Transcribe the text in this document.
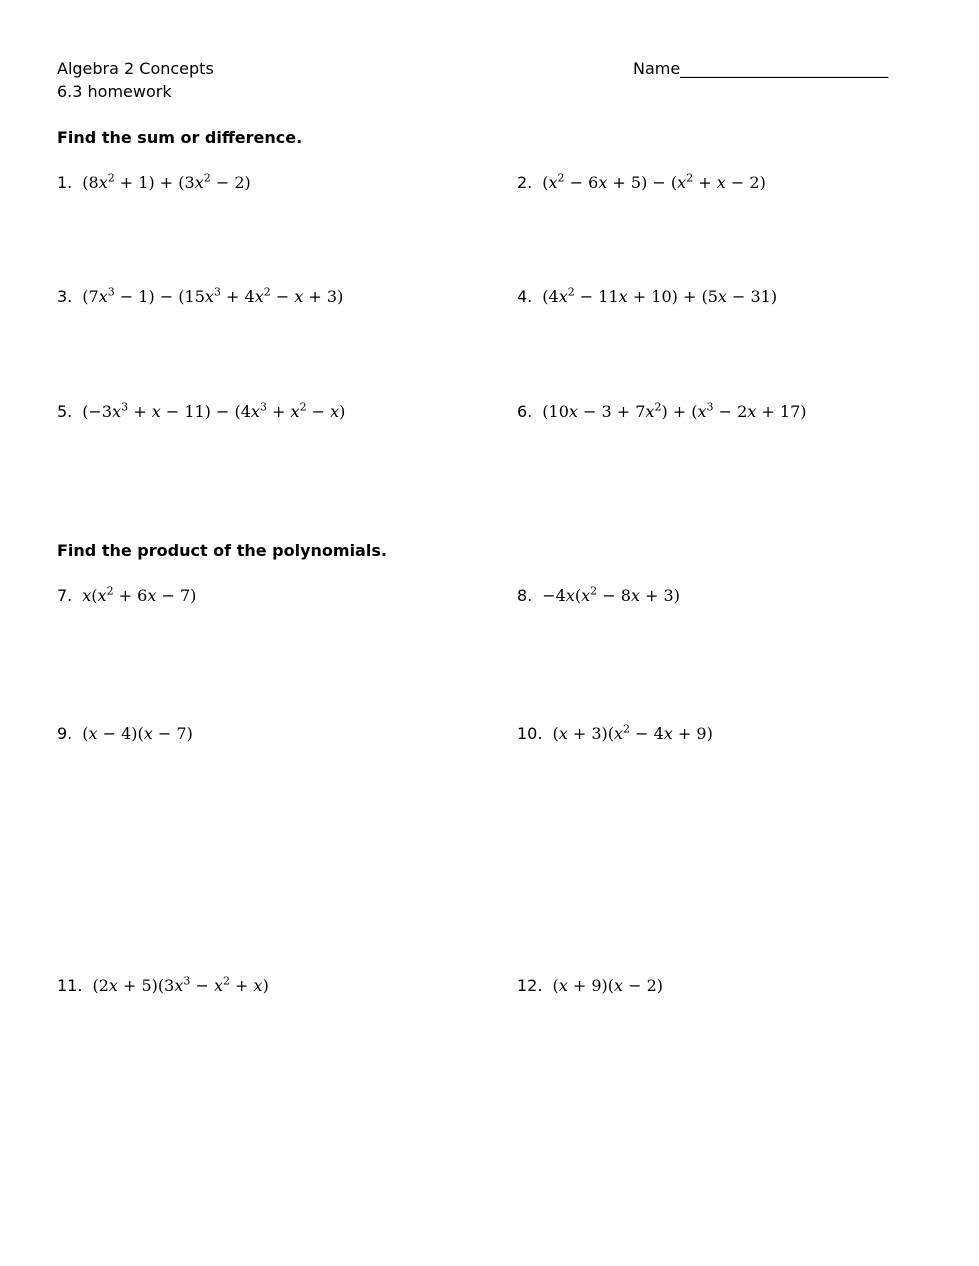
Algebra 2 Concepts
6.3 homework
Name__________________________
Find the sum or difference.
1. $(8x^2 + 1) + (3x^2 - 2)$	2. $(x^2 - 6x + 5) - (x^2 + x - 2)$
3. $(7x^3 - 1) - (15x^3 + 4x^2 - x + 3)$	4. $(4x^2 - 11x + 10) + (5x - 31)$
5. $(-3x^3 + x - 11) - (4x^3 + x^2 - x)$	6. $(10x - 3 + 7x^2) + (x^3 - 2x + 17)$
Find the product of the polynomials.
7. $x(x^2 + 6x - 7)$	8. $-4x(x^2 - 8x + 3)$
9. (x − 4)(x − 7)	10. $(x + 3)(x^2 - 4x + 9)$
11. $(2x + 5)(3x^3 - x^2 + x)$	12. (x + 9)(x − 2)
